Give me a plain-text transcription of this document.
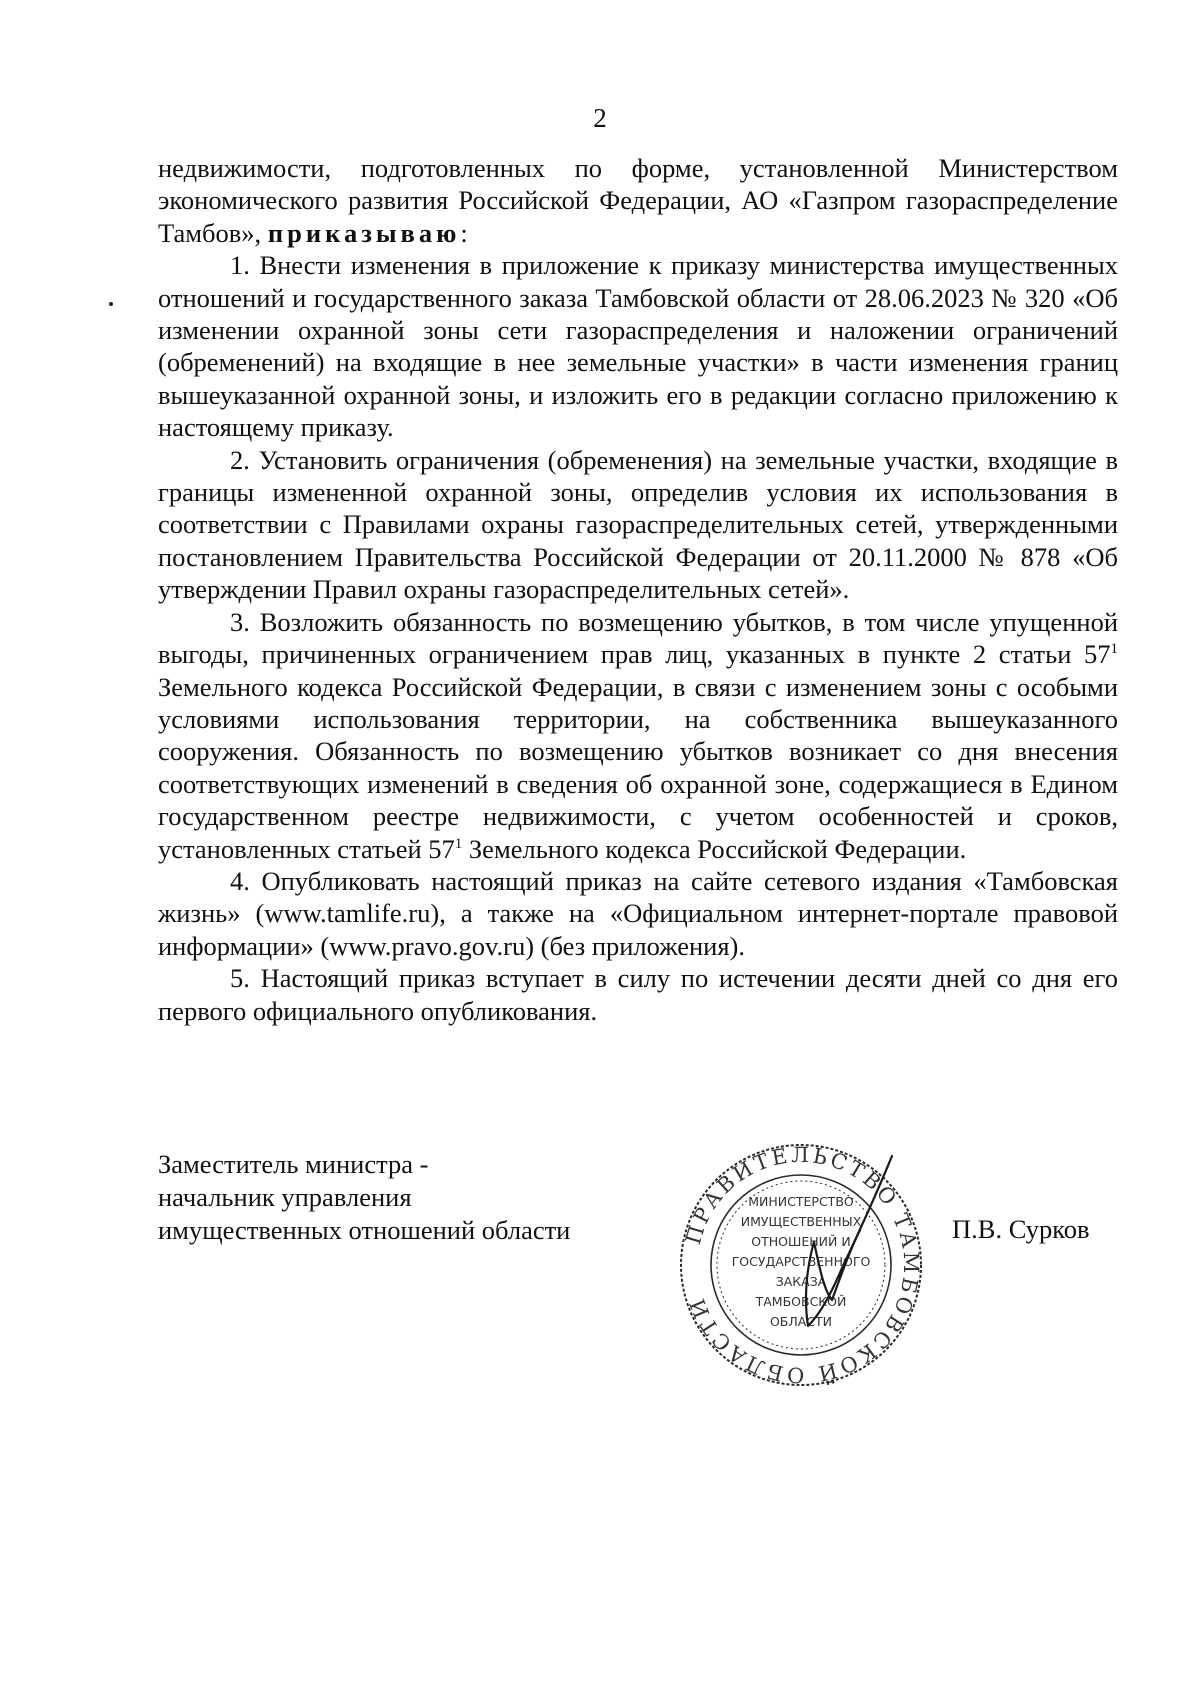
2

недвижимости, подготовленных по форме, установленной Министерством экономического развития Российской Федерации, АО «Газпром газораспределение Тамбов», приказываю:

1. Внести изменения в приложение к приказу министерства имущественных отношений и государственного заказа Тамбовской области от 28.06.2023 № 320 «Об изменении охранной зоны сети газораспределения и наложении ограничений (обременений) на входящие в нее земельные участки» в части изменения границ вышеуказанной охранной зоны, и изложить его в редакции согласно приложению к настоящему приказу.

2. Установить ограничения (обременения) на земельные участки, входящие в границы измененной охранной зоны, определив условия их использования в соответствии с Правилами охраны газораспределительных сетей, утвержденными постановлением Правительства Российской Федерации от 20.11.2000 № 878 «Об утверждении Правил охраны газораспределительных сетей».

3. Возложить обязанность по возмещению убытков, в том числе упущенной выгоды, причиненных ограничением прав лиц, указанных в пункте 2 статьи $57^1$ Земельного кодекса Российской Федерации, в связи с изменением зоны с особыми условиями использования территории, на собственника вышеуказанного сооружения. Обязанность по возмещению убытков возникает со дня внесения соответствующих изменений в сведения об охранной зоне, содержащиеся в Едином государственном реестре недвижимости, с учетом особенностей и сроков, установленных статьей $57^1$ Земельного кодекса Российской Федерации.

4. Опубликовать настоящий приказ на сайте сетевого издания «Тамбовская жизнь» (www.tamlife.ru), а также на «Официальном интернет-портале правовой информации» (www.pravo.gov.ru) (без приложения).

5. Настоящий приказ вступает в силу по истечении десяти дней со дня его первого официального опубликования.

Заместитель министра -
начальник управления
имущественных отношений области	П.В. Сурков
ПРАВИТЕЛЬСТВО ТАМБОВСКОЙ ОБЛАСТИ
МИНИСТЕРСТВО
ИМУЩЕСТВЕННЫХ
ОТНОШЕНИЙ И
ГОСУДАРСТВЕННОГО
ЗАКАЗА
ТАМБОВСКОЙ
ОБЛАСТИ
